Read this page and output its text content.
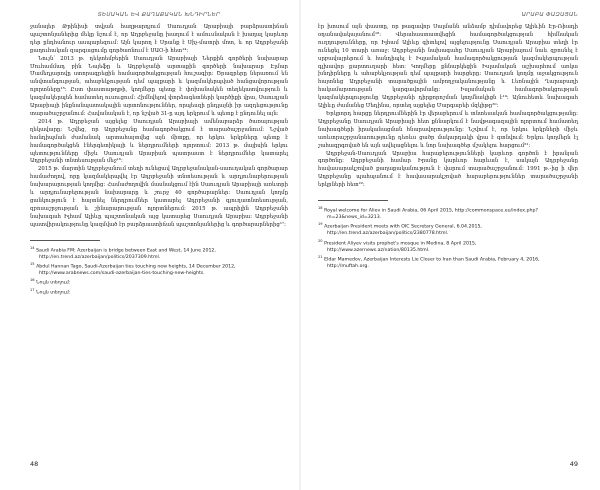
ՏԵՍԱԿԱՆ ԵՎ ՔԱՂԱՔԱԿԱՆ ԽՆԴԻՐՆԵՐ

ջանալեր Թրինիսի տվյան հաղթարդյում Սաուդյան Արաբիայի բարձրաստիճան պաշտոնյաներից մեկը նշում է, որ Ադրբեջանը խաղում է ամուսնական է խաղալ կարևոր դեր ընդհանուր ասպարեզում: Այն կարող է Սրանք է Սիչ-մատրի մոտ, և որ Ադրբեջանի քաղուհական զարգացումը գործառնում է ՍԱՕ-ի հետ¹⁴:

Նույն՝ 2013 թ. դեկտեմբերին Սաուդյան Արաբիայի Ներքին գործերի նախարար Մուհամմադ բին Նայեֆը և Ադրբեջանի արտաքին գործերի նախարար Էլմար Մամեդյարովը ստորագրեցին համագործակցության հուշագիր: Ծրագրերը ներառում են անվտանգության, ահաբեկչության դեմ պայքարի և կազմակերպված հանցավորության ոլորտները¹⁵: Ըստ փաստաթղթի, կողմերը պետք է փոխանակեն տեղեկատվություն և կազմակերպեն համատեղ ուսուցում: Հիմնվելով փորձագետների կարծիքի վրա, Սաուդյան Արաբիայի ինքնանպատակային արտոնություններ, որպեսզի ընդլայնի իր ազդեցությունը տարածաշրջանում: Հավանական է, որ նշված 31-ը այդ երկրում և պետք է ընդունել այն:

2014 թ. Ադրբեջան այցելեց Սաուդյան Արաբիայի ամենաբարձր ծառայության ղեկավարը: Նշվեց, որ Ադրբեջանը համագործակցում է տարածաշրջանում: Նշված հանդիպման ժամանակ արտահայտվեց այն միտքը, որ երկու երկրները պետք է համագործակցեն էներգետիկայի և ներդրումների ոլորտում: 2013 թ. մայիսին երկու պետությունները միջև Սաուդյան Արաբիան պատրաստ է ներդրումներ կատարել Ադրբեջանի տնտեսության մեջ¹⁶:

2015 թ. մարտին Ադրբեջանում տեղի ունեցավ Ադրբեջանական-սաուդական գործարար համաժողով, որը կազմակերպվել էր Ադրբեջանի տնտեսության և արդյունաբերության նախարարության կողմից: Համաժողովին մասնակցում էին Սաուդյան Արաբիայի առևտրի և արդյունաբերության նախարարը և շուրջ 40 գործարարներ: Սաուդյան կողմը ցանկություն է հայտնել ներդրումներ կատարել Ադրբեջանի գյուղատնտեսության, զբոսաշրջության և շինարարության ոլորտներում: 2015 թ. ապրիլին Ադրբեջանի նախագահ Իլհամ Ալիևը պաշտոնական այց կատարեց Սաուդյան Արաբիա: Ադրբեջանի պատվիրակությունը կազմված էր բարձրաստիճան պաշտոնյաներից և գործարարներից¹⁷:

$^{14}$ Saudi Arabia FM: Azerbaijan is bridge between East and West, 14 June 2012, http://en.trend.az/azerbaijan/politics/2037309.html.

$^{15}$ Abdul Hannan Tago, Saudi-Azerbaijan ties touching new heights, 14 December 2012, http://www.arabnews.com/saudi-azerbaijan-ties-touching-new-heights.

$^{16}$ Նույն տեղում:

$^{17}$ Նույն տեղում:

48
ԱՐԱԲԱ ՓԱԶԱՅԱՆ

էր խոսում այն փաստը, որ թագավոր Սալմանն անձամբ դիմավորեց Ալիևին Էր-Ռիադի օդանավակայանում¹⁸: Վերահաստատվեցին համագործակցության հիմնական ուղղությունները, որ Իլհամ Ալիևը գիտելով այցելությունը Սաուդյան Արաբիա տեղի էր ունեցել 10 տարի առաջ: Ադրբեջանի նախագահը Սաուդյան Արաբիայում նաև զբոսնել է սրբավայրերում և հանդիպել է Իսլամական համագործակցության կազմակերպության գլխավոր քարտուղարի հետ: Կողմերը քննարկեցին Իսլամական աշխարհում առկա խնդիրները և ահաբեկչության դեմ պայքարի հարցերը: Սաուդյան կողմը աջակցություն հայտնեց Ադրբեջանի տարածքային ամբողջականությանը և Լեռնային Ղարաբաղի հակամարտության կարգավորմանը: Իսլամական համագործակցության կազմակերպությունը Ադրբեջանի դիրքորոշման կողմնակիցն է¹⁹: Այնուհետև նախագահ Ալիևը ժամանեց Մեդինա, որտեղ այցելեց Մարգարեի մզկիթը²⁰:

Երկրորդ հարցը ներդրումներին էր վերաբերում և տնտեսական համագործակցությանը: Ադրբեջանը Սաուդյան Արաբիայի հետ քննարկում է նավթագազային ոլորտում համատեղ նախագծերի իրականացման հնարավորությունը: Նշվում է, որ երկու երկրների միջև առևտրաշրջանառությունը դեռևս ցածր մակարդակի վրա է գտնվում: Երկու կողմերն էլ շահագրգռված են այն ավելացնելու և նոր նախագծեր մշակելու հարցում²¹:

Ադրբեջան-Սաուդյան Արաբիա հարաբերությունների կարևոր գործոն է իրանյան գործոնը: Ադրբեջանի համար Իրանը կարևոր հարևան է, սակայն Ադրբեջանը հավասարակշռված քաղաքականություն է վարում տարածաշրջանում: 1991 թ.-ից ի վեր Ադրբեջանը պահպանում է հավասարակշռված հարաբերություններ տարածաշրջանի երկրների հետ²²:

$^{18}$ Royal welcome for Aliev in Saudi Arabia, 06 April 2015, http://commonspace.eu/index.php?m=23&news_id=3213.

$^{19}$ Azerbaijan President meets with OIC Secretary General, 6.04.2015, http://en.trend.az/azerbaijan/politics/2380778.html.

$^{20}$ President Aliyev visits prophet's mosque in Medina, 8 April 2015, http://www.azernews.az/nation/80135.html.

$^{21}$ Eldar Mamedov, Azerbaijan Interests Lie Closer to Iran than Saudi Arabia, February 4, 2016, http://muftah.org.

49
